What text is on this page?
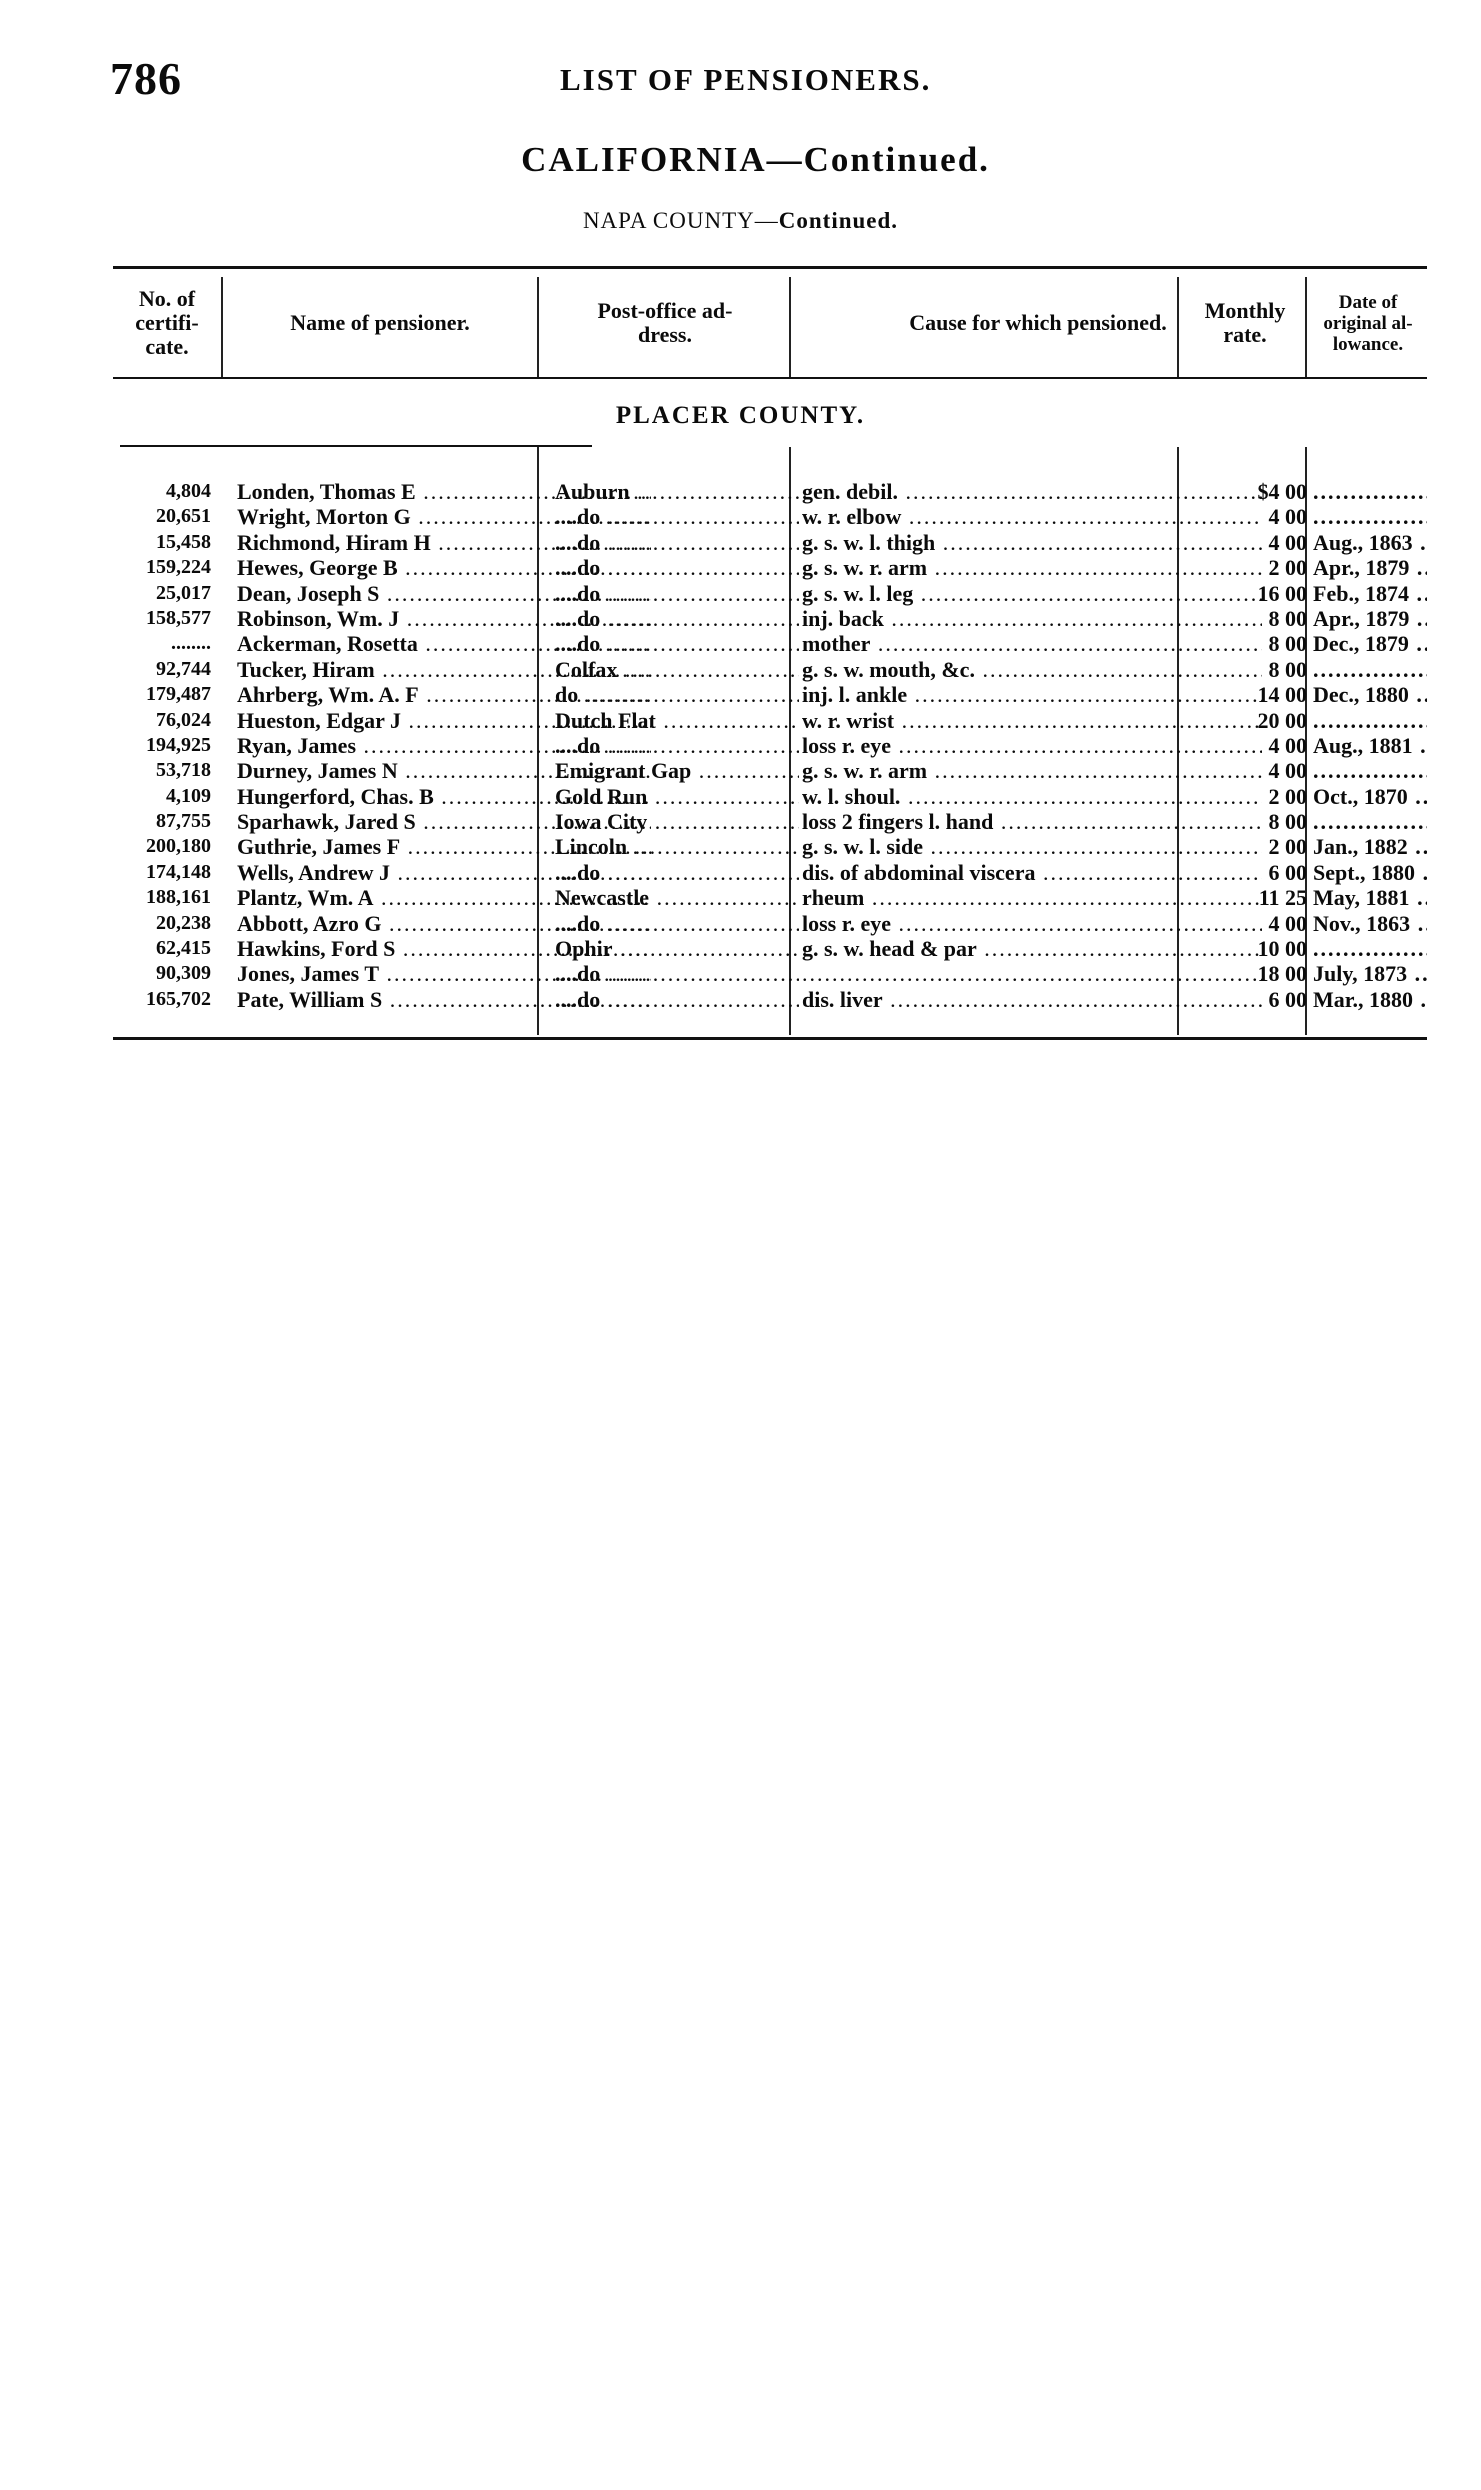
786	LIST OF PENSIONERS.
CALIFORNIA—Continued.
NAPA COUNTY—Continued.
No. of certifi- cate.
Name of pensioner.	Post-office ad- dress.	Cause for which pensioned.	Monthly rate.
Date of original al- lowance.
PLACER COUNTY.
4,804 Londen, Thomas E .....	Auburn .....	gen. debil. .....	$4 00
.....
20,651 Wright, Morton G .....	....do .....	w. r. elbow .....	4 00
.....
15,458 Richmond, Hiram H .....	....do .....	g. s. w. l. thigh .....	4 00 Aug., 1863 .....
159,224 Hewes, George B .....	....do .....	g. s. w. r. arm .....	2 00 Apr., 1879 .....
25,017 Dean, Joseph S .....	....do .....	g. s. w. l. leg .....	16 00 Feb., 1874 .....
158,577 Robinson, Wm. J .....	....do .....	inj. back .....	8 00 Apr., 1879 .....
........ Ackerman, Rosetta .....	....do .....	mother .....	8 00 Dec., 1879 .....
92,744 Tucker, Hiram .....	Colfax .....	g. s. w. mouth, &c. .....	8 00
.....
179,487 Ahrberg, Wm. A. F .....	do .....	inj. l. ankle .....	14 00 Dec., 1880 .....
76,024 Hueston, Edgar J .....	Dutch Flat .....	w. r. wrist .....	20 00
.....
194,925 Ryan, James .....	....do .....	loss r. eye .....	4 00 Aug., 1881 .....
53,718 Durney, James N .....	Emigrant Gap .....	g. s. w. r. arm .....	4 00
.....
4,109 Hungerford, Chas. B .....	Gold Run .....	w. l. shoul. .....	2 00 Oct., 1870 .....
87,755 Sparhawk, Jared S .....	Iowa City .....	loss 2 fingers l. hand .....	8 00
.....
200,180 Guthrie, James F .....	Lincoln .....	g. s. w. l. side .....	2 00 Jan., 1882 .....
174,148 Wells, Andrew J .....	....do .....	dis. of abdominal viscera .....	6 00 Sept., 1880 .....
188,161 Plantz, Wm. A .....	Newcastle .....	rheum .....	11 25 May, 1881 .....
20,238 Abbott, Azro G .....	....do .....	loss r. eye .....	4 00 Nov., 1863 .....
62,415 Hawkins, Ford S .....	Ophir .....	g. s. w. head & par .....	10 00
.....
90,309 Jones, James T .....	....do .....
.....	18 00 July, 1873 .....
165,702 Pate, William S .....	....do .....	dis. liver .....	6 00 Mar., 1880 .....
